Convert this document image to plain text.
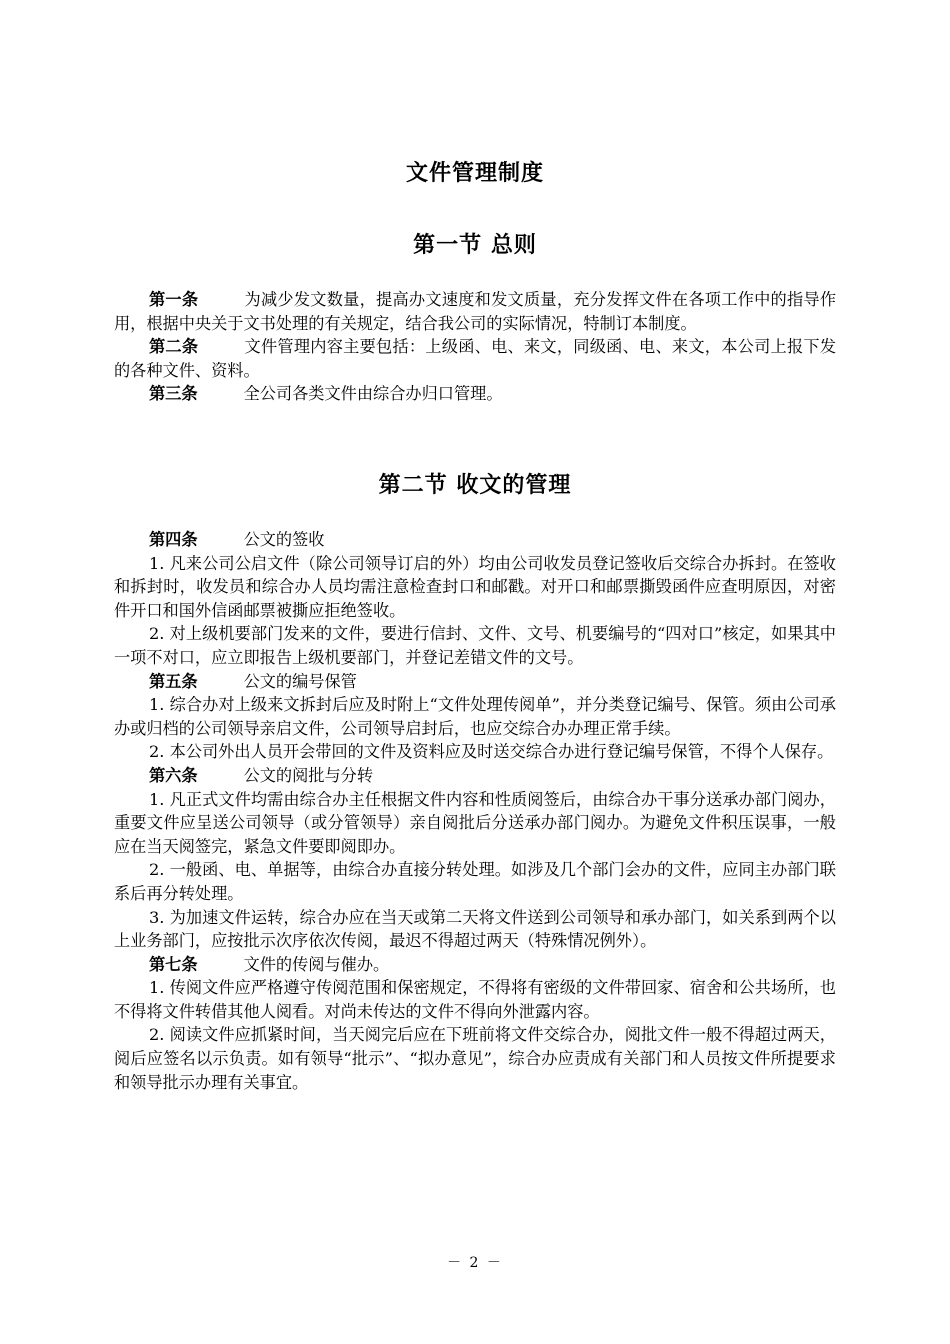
文件管理制度
第一节 总则

第一条	为减少发文数量，提高办文速度和发文质量，充分发挥文件在各项工作中的指导作用，根据中央关于文书处理的有关规定，结合我公司的实际情况，特制订本制度。

第二条	文件管理内容主要包括：上级函、电、来文，同级函、电、来文，本公司上报下发的各种文件、资料。

第三条	全公司各类文件由综合办归口管理。

第二节 收文的管理

第四条	公文的签收

1. 凡来公司公启文件（除公司领导订启的外）均由公司收发员登记签收后交综合办拆封。在签收和拆封时，收发员和综合办人员均需注意检查封口和邮戳。对开口和邮票撕毁函件应查明原因，对密件开口和国外信函邮票被撕应拒绝签收。

2. 对上级机要部门发来的文件，要进行信封、文件、文号、机要编号的“四对口”核定，如果其中一项不对口，应立即报告上级机要部门，并登记差错文件的文号。

第五条	公文的编号保管

1. 综合办对上级来文拆封后应及时附上“文件处理传阅单”，并分类登记编号、保管。须由公司承办或归档的公司领导亲启文件，公司领导启封后，也应交综合办办理正常手续。

2. 本公司外出人员开会带回的文件及资料应及时送交综合办进行登记编号保管，不得个人保存。

第六条	公文的阅批与分转

1. 凡正式文件均需由综合办主任根据文件内容和性质阅签后，由综合办干事分送承办部门阅办，重要文件应呈送公司领导（或分管领导）亲自阅批后分送承办部门阅办。为避免文件积压误事，一般应在当天阅签完，紧急文件要即阅即办。

2. 一般函、电、单据等，由综合办直接分转处理。如涉及几个部门会办的文件，应同主办部门联系后再分转处理。

3. 为加速文件运转，综合办应在当天或第二天将文件送到公司领导和承办部门，如关系到两个以上业务部门，应按批示次序依次传阅，最迟不得超过两天（特殊情况例外）。

第七条	文件的传阅与催办。

1. 传阅文件应严格遵守传阅范围和保密规定，不得将有密级的文件带回家、宿舍和公共场所，也不得将文件转借其他人阅看。对尚未传达的文件不得向外泄露内容。

2. 阅读文件应抓紧时间，当天阅完后应在下班前将文件交综合办，阅批文件一般不得超过两天，阅后应签名以示负责。如有领导“批示”、“拟办意见”，综合办应责成有关部门和人员按文件所提要求和领导批示办理有关事宜。

－ 2 －
